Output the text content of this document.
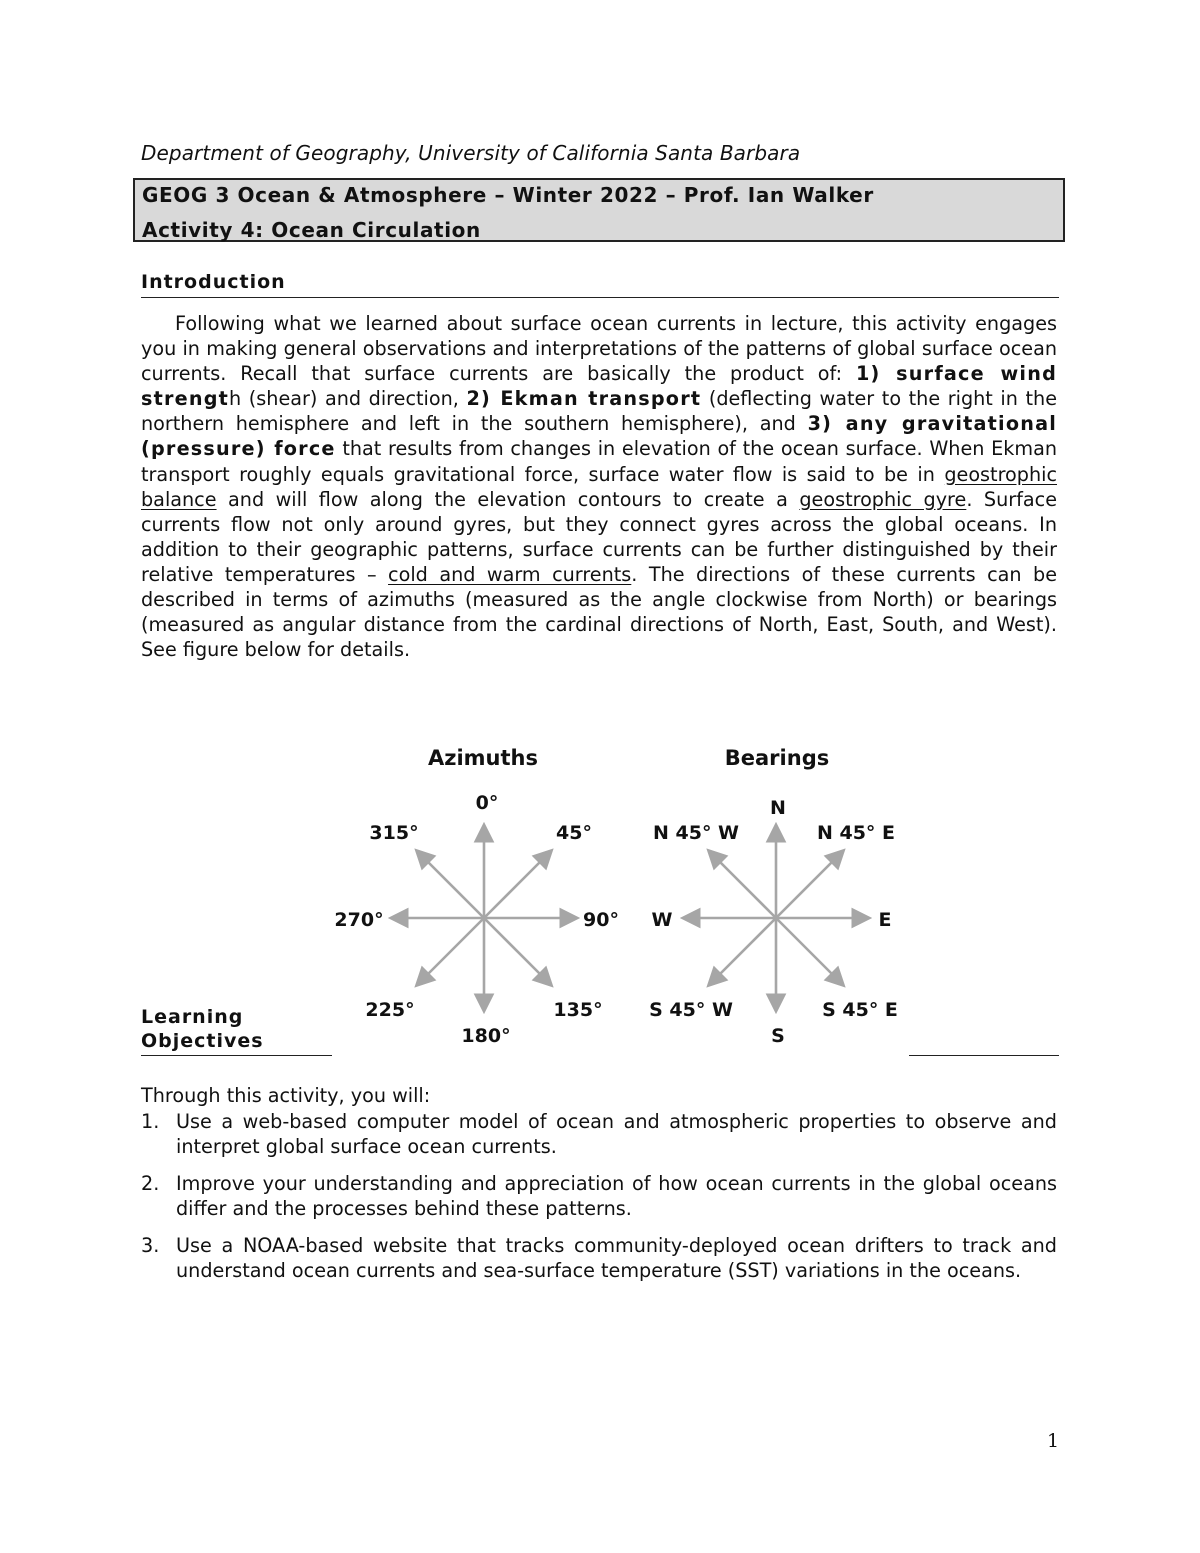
Department of Geography, University of California Santa Barbara
GEOG 3 Ocean & Atmosphere – Winter 2022 – Prof. Ian Walker
Activity 4: Ocean Circulation
Introduction
Following what we learned about surface ocean currents in lecture, this activity engages you in making general observations and interpretations of the patterns of global surface ocean currents. Recall that surface currents are basically the product of: 1) surface wind strength (shear) and direction, 2) Ekman transport (deflecting water to the right in the northern hemisphere and left in the southern hemisphere), and 3) any gravitational (pressure) force that results from changes in elevation of the ocean surface. When Ekman transport roughly equals gravitational force, surface water flow is said to be in geostrophic balance and will flow along the elevation contours to create a geostrophic gyre. Surface currents flow not only around gyres, but they connect gyres across the global oceans. In addition to their geographic patterns, surface currents can be further distinguished by their relative temperatures – cold and warm currents. The directions of these currents can be described in terms of azimuths (measured as the angle clockwise from North) or bearings (measured as angular distance from the cardinal directions of North, East, South, and West). See figure below for details.
Azimuths
0°
45°
90°
135°
180°
225°
270°
315°
Bearings
N
N 45° E
E
S 45° E
S
S 45° W
W
N 45° W
Learning
Objectives
Through this activity, you will:
1. Use a web-based computer model of ocean and atmospheric properties to observe and interpret global surface ocean currents.
2. Improve your understanding and appreciation of how ocean currents in the global oceans differ and the processes behind these patterns.
3. Use a NOAA-based website that tracks community-deployed ocean drifters to track and understand ocean currents and sea-surface temperature (SST) variations in the oceans.
1
